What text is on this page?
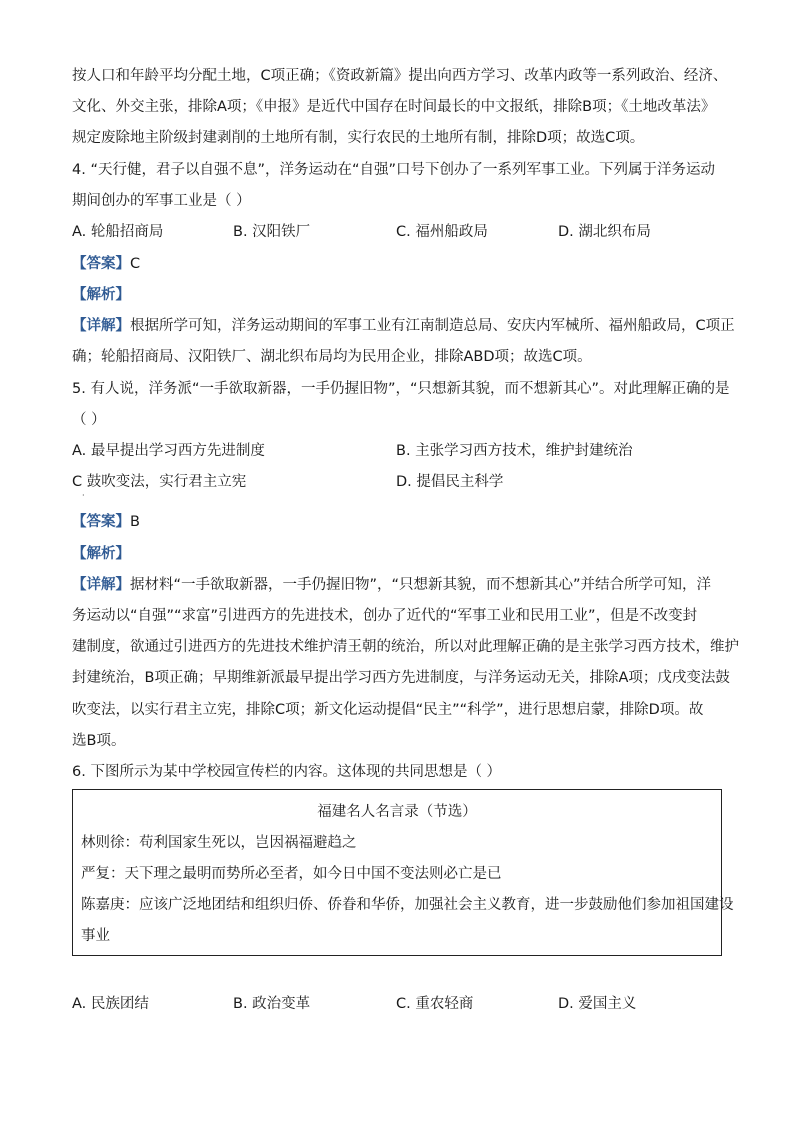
按人口和年龄平均分配土地，C项正确；《资政新篇》提出向西方学习、改革内政等一系列政治、经济、
文化、外交主张，排除A项；《申报》是近代中国存在时间最长的中文报纸，排除B项；《土地改革法》
规定废除地主阶级封建剥削的土地所有制，实行农民的土地所有制，排除D项；故选C项。
4. “天行健，君子以自强不息”，洋务运动在“自强”口号下创办了一系列军事工业。下列属于洋务运动
期间创办的军事工业是（ ）
A. 轮船招商局	B. 汉阳铁厂	C. 福州船政局	D. 湖北织布局
【答案】C
【解析】
【详解】根据所学可知，洋务运动期间的军事工业有江南制造总局、安庆内军械所、福州船政局，C项正
确；轮船招商局、汉阳铁厂、湖北织布局均为民用企业，排除ABD项；故选C项。
5. 有人说，洋务派“一手欲取新器，一手仍握旧物”，“只想新其貌，而不想新其心”。对此理解正确的是
（ ）
A. 最早提出学习西方先进制度	B. 主张学习西方技术，维护封建统治
C 鼓吹变法，实行君主立宪	D. 提倡民主科学
·
【答案】B
【解析】
【详解】据材料“一手欲取新器，一手仍握旧物”，“只想新其貌，而不想新其心”并结合所学可知，洋
务运动以“自强”“求富”引进西方的先进技术，创办了近代的“军事工业和民用工业”，但是不改变封
建制度，欲通过引进西方的先进技术维护清王朝的统治，所以对此理解正确的是主张学习西方技术，维护
封建统治，B项正确；早期维新派最早提出学习西方先进制度，与洋务运动无关，排除A项；戊戌变法鼓
吹变法，以实行君主立宪，排除C项；新文化运动提倡“民主”“科学”，进行思想启蒙，排除D项。故
选B项。
6. 下图所示为某中学校园宣传栏的内容。这体现的共同思想是（ ）
福建名人名言录（节选）
林则徐：苟利国家生死以，岂因祸福避趋之
严复：天下理之最明而势所必至者，如今日中国不变法则必亡是已
陈嘉庚：应该广泛地团结和组织归侨、侨眷和华侨，加强社会主义教育，进一步鼓励他们参加祖国建设
事业
A. 民族团结	B. 政治变革	C. 重农轻商	D. 爱国主义
